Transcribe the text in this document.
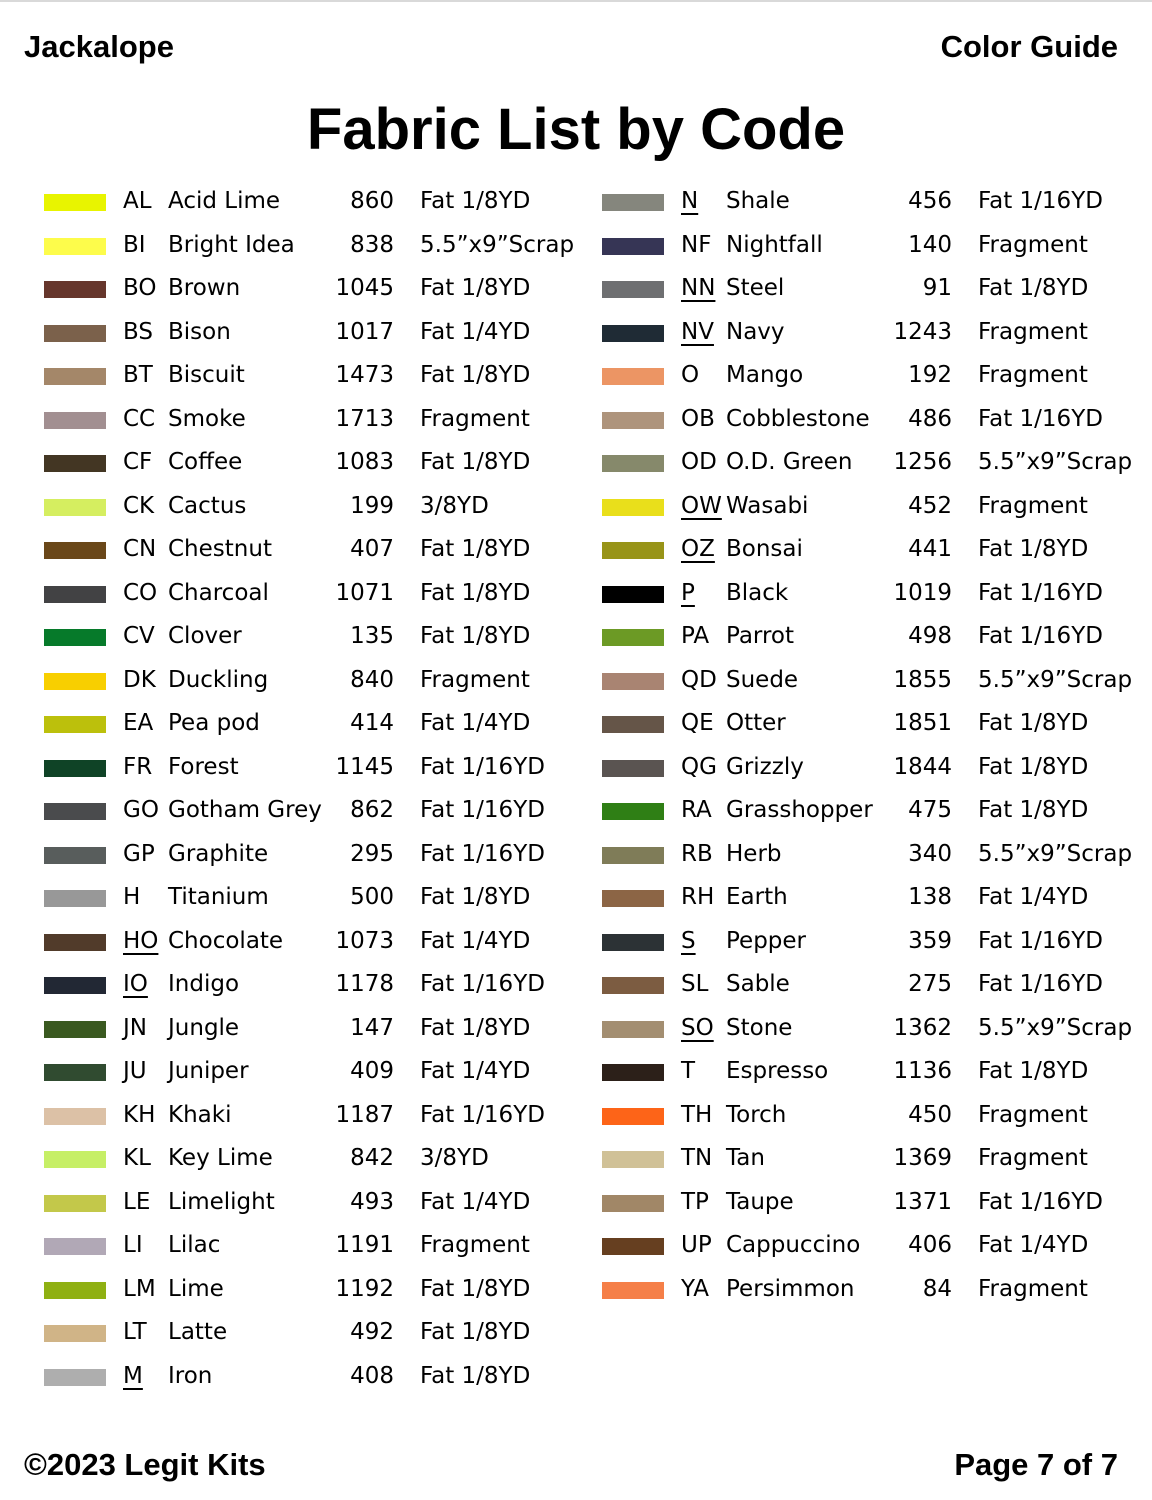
Jackalope	Color Guide
Fabric List by Code
AL Acid Lime	860 Fat 1/8YD
BI Bright Idea	838 5.5”x9”Scrap
BO Brown	1045 Fat 1/8YD
BS Bison	1017 Fat 1/4YD
BT Biscuit	1473 Fat 1/8YD
CC Smoke	1713 Fragment
CF Coffee	1083 Fat 1/8YD
CK Cactus	199 3/8YD
CN Chestnut	407 Fat 1/8YD
CO Charcoal	1071 Fat 1/8YD
CV Clover	135 Fat 1/8YD
DK Duckling	840 Fragment
EA Pea pod	414 Fat 1/4YD
FR Forest	1145 Fat 1/16YD
GO Gotham Grey	862 Fat 1/16YD
GP Graphite	295 Fat 1/16YD
H Titanium	500 Fat 1/8YD
HO Chocolate	1073 Fat 1/4YD
IO Indigo	1178 Fat 1/16YD
JN Jungle	147 Fat 1/8YD
JU Juniper	409 Fat 1/4YD
KH Khaki	1187 Fat 1/16YD
KL Key Lime	842 3/8YD
LE Limelight	493 Fat 1/4YD
LI Lilac	1191 Fragment
LM Lime	1192 Fat 1/8YD
LT Latte	492 Fat 1/8YD
M Iron	408 Fat 1/8YD
N Shale	456 Fat 1/16YD
NF Nightfall	140 Fragment
NN Steel	91 Fat 1/8YD
NV Navy	1243 Fragment
O Mango	192 Fragment
OB Cobblestone	486 Fat 1/16YD
OD O.D. Green	1256 5.5”x9”Scrap
OW Wasabi	452 Fragment
OZ Bonsai	441 Fat 1/8YD
P Black	1019 Fat 1/16YD
PA Parrot	498 Fat 1/16YD
QD Suede	1855 5.5”x9”Scrap
QE Otter	1851 Fat 1/8YD
QG Grizzly	1844 Fat 1/8YD
RA Grasshopper	475 Fat 1/8YD
RB Herb	340 5.5”x9”Scrap
RH Earth	138 Fat 1/4YD
S Pepper	359 Fat 1/16YD
SL Sable	275 Fat 1/16YD
SO Stone	1362 5.5”x9”Scrap
T Espresso	1136 Fat 1/8YD
TH Torch	450 Fragment
TN Tan	1369 Fragment
TP Taupe	1371 Fat 1/16YD
UP Cappuccino	406 Fat 1/4YD
YA Persimmon	84 Fragment
©2023 Legit Kits	Page 7 of 7
